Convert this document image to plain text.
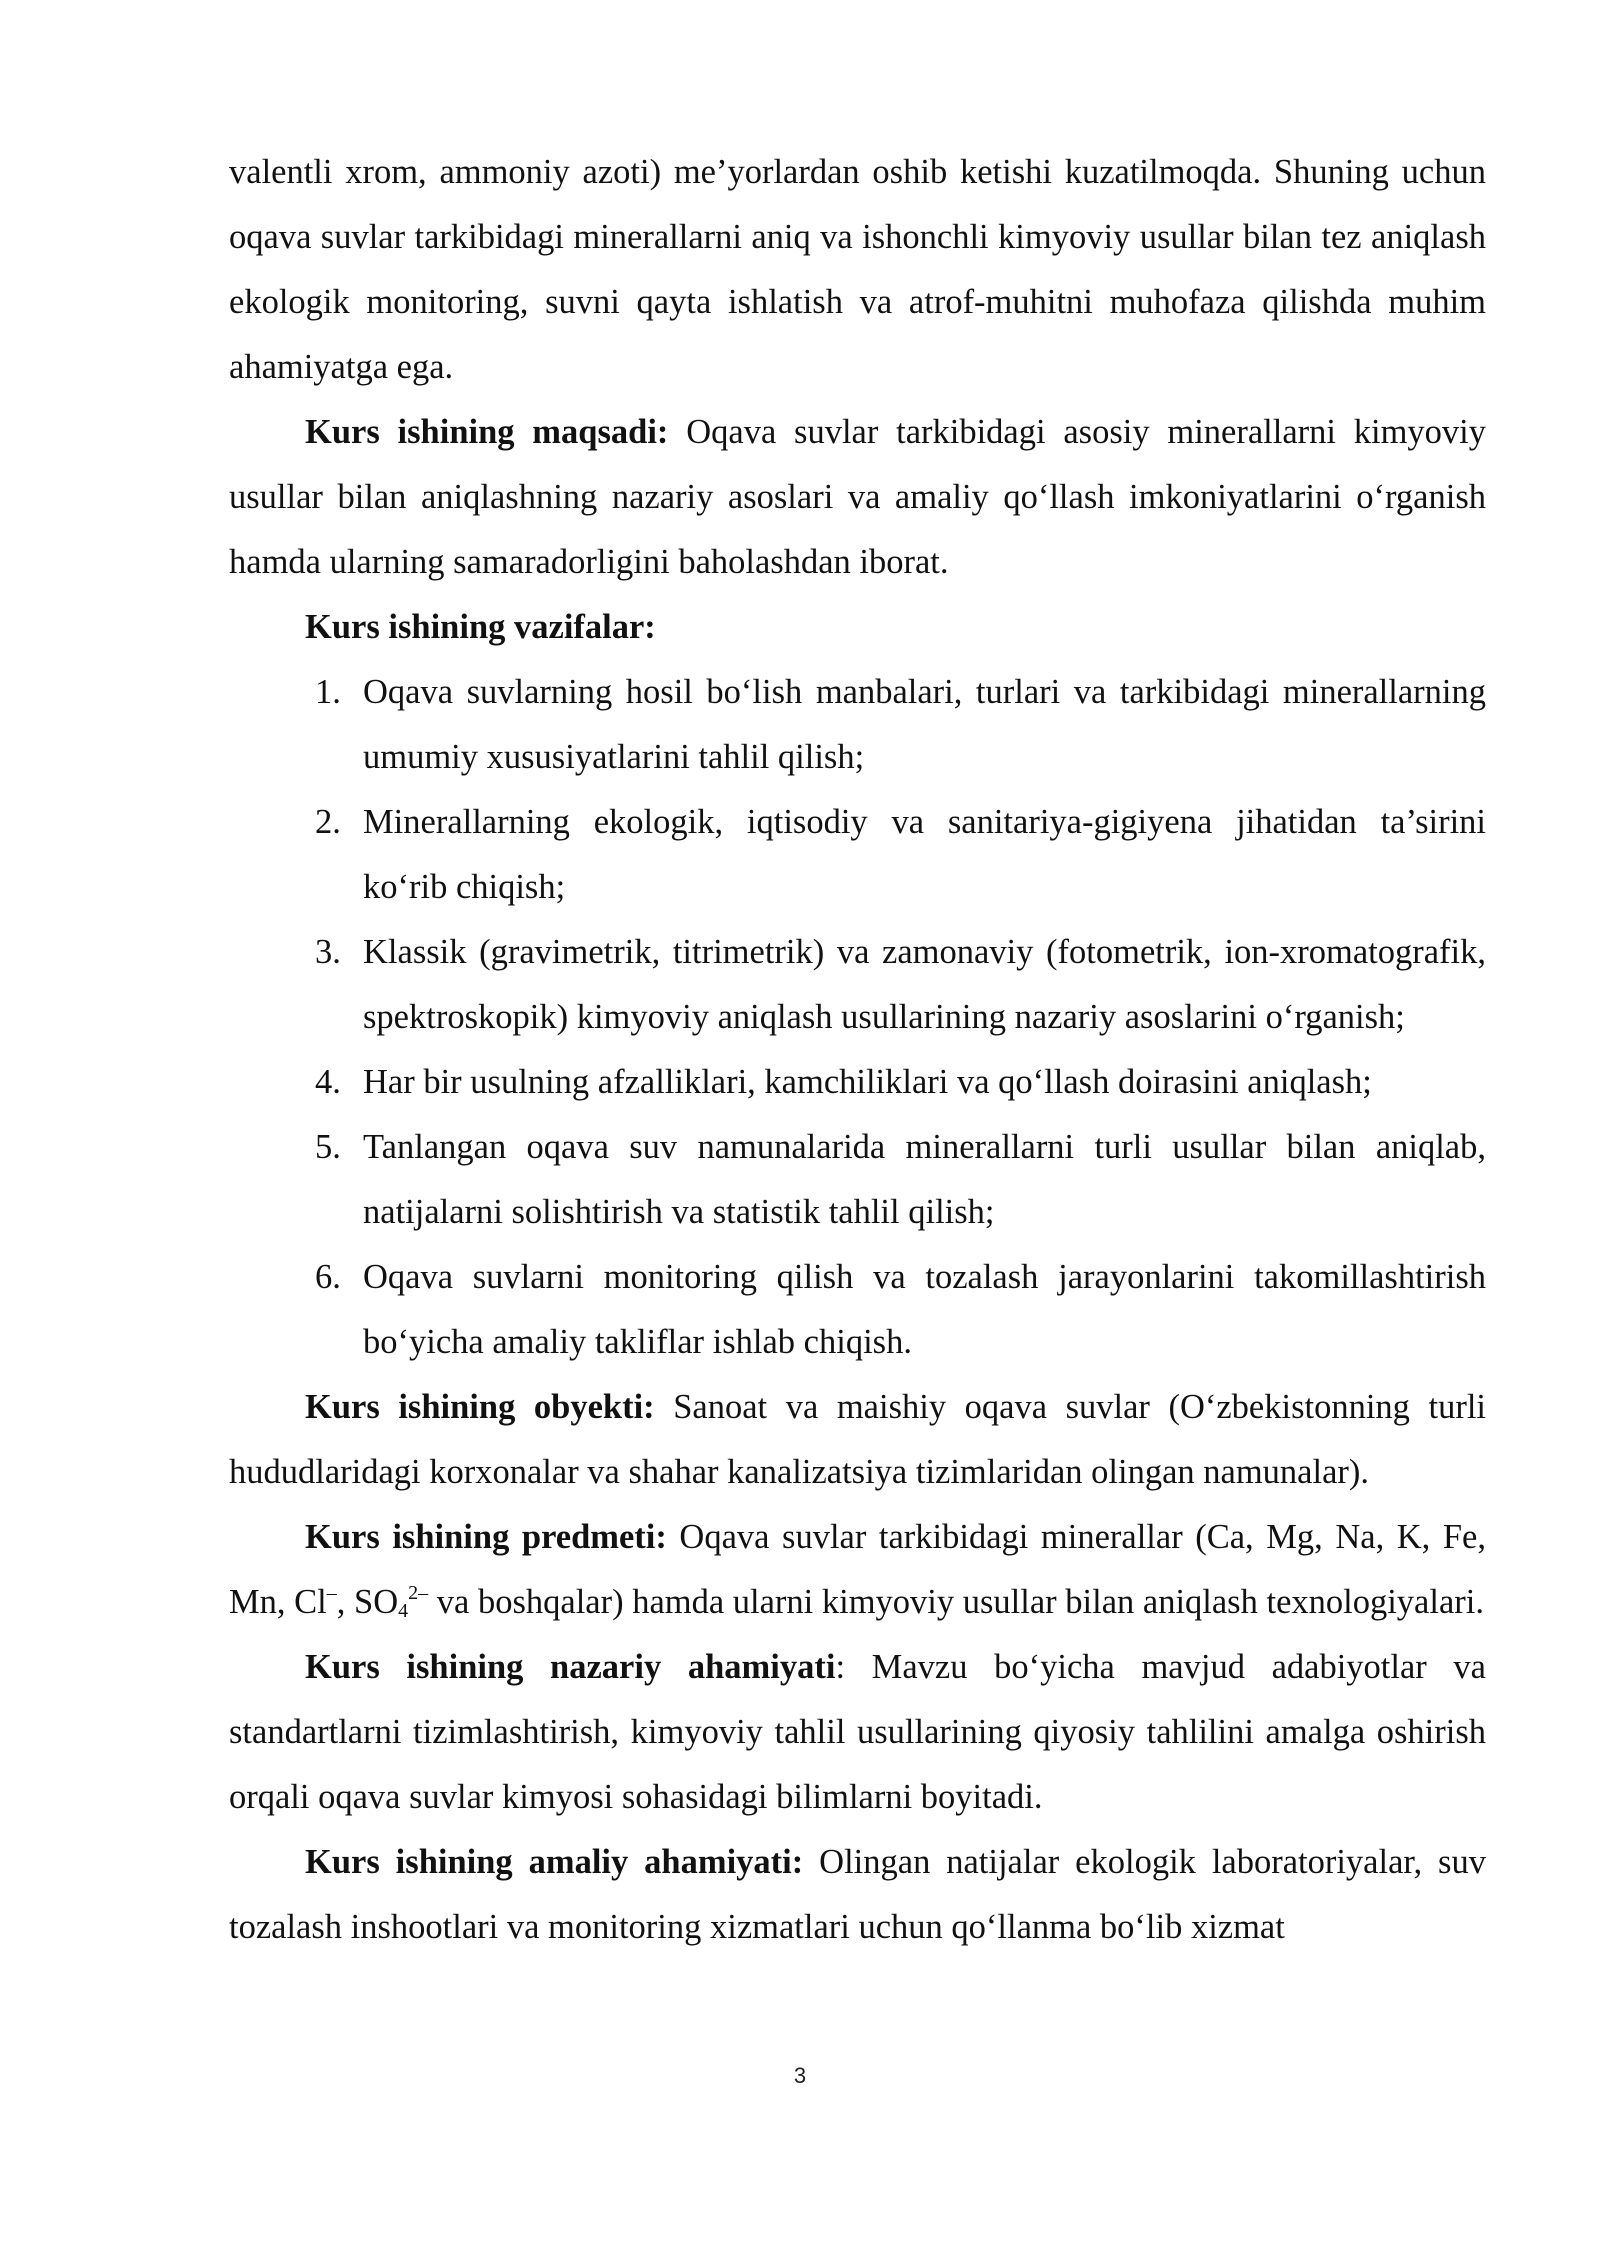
valentli xrom, ammoniy azoti) me’yorlardan oshib ketishi kuzatilmoqda. Shuning uchun oqava suvlar tarkibidagi minerallarni aniq va ishonchli kimyoviy usullar bilan tez aniqlash ekologik monitoring, suvni qayta ishlatish va atrof-muhitni muhofaza qilishda muhim ahamiyatga ega.

Kurs ishining maqsadi: Oqava suvlar tarkibidagi asosiy minerallarni kimyoviy usullar bilan aniqlashning nazariy asoslari va amaliy qo‘llash imkoniyatlarini o‘rganish hamda ularning samaradorligini baholashdan iborat.

Kurs ishining vazifalar:

1. Oqava suvlarning hosil bo‘lish manbalari, turlari va tarkibidagi minerallarning umumiy xususiyatlarini tahlil qilish;
2. Minerallarning ekologik, iqtisodiy va sanitariya-gigiyena jihatidan ta’sirini ko‘rib chiqish;
3. Klassik (gravimetrik, titrimetrik) va zamonaviy (fotometrik, ion-xromatografik, spektroskopik) kimyoviy aniqlash usullarining nazariy asoslarini o‘rganish;
4. Har bir usulning afzalliklari, kamchiliklari va qo‘llash doirasini aniqlash;
5. Tanlangan oqava suv namunalarida minerallarni turli usullar bilan aniqlab, natijalarni solishtirish va statistik tahlil qilish;
6. Oqava suvlarni monitoring qilish va tozalash jarayonlarini takomillashtirish bo‘yicha amaliy takliflar ishlab chiqish.

Kurs ishining obyekti: Sanoat va maishiy oqava suvlar (O‘zbekistonning turli hududlaridagi korxonalar va shahar kanalizatsiya tizimlaridan olingan namunalar).

Kurs ishining predmeti: Oqava suvlar tarkibidagi minerallar (Ca, Mg, Na, K, Fe, Mn, Cl–, $SO_4^{2-}$ va boshqalar) hamda ularni kimyoviy usullar bilan aniqlash texnologiyalari.

Kurs ishining nazariy ahamiyati: Mavzu bo‘yicha mavjud adabiyotlar va standartlarni tizimlashtirish, kimyoviy tahlil usullarining qiyosiy tahlilini amalga oshirish orqali oqava suvlar kimyosi sohasidagi bilimlarni boyitadi.

Kurs ishining amaliy ahamiyati: Olingan natijalar ekologik laboratoriyalar, suv tozalash inshootlari va monitoring xizmatlari uchun qo‘llanma bo‘lib xizmat

3
